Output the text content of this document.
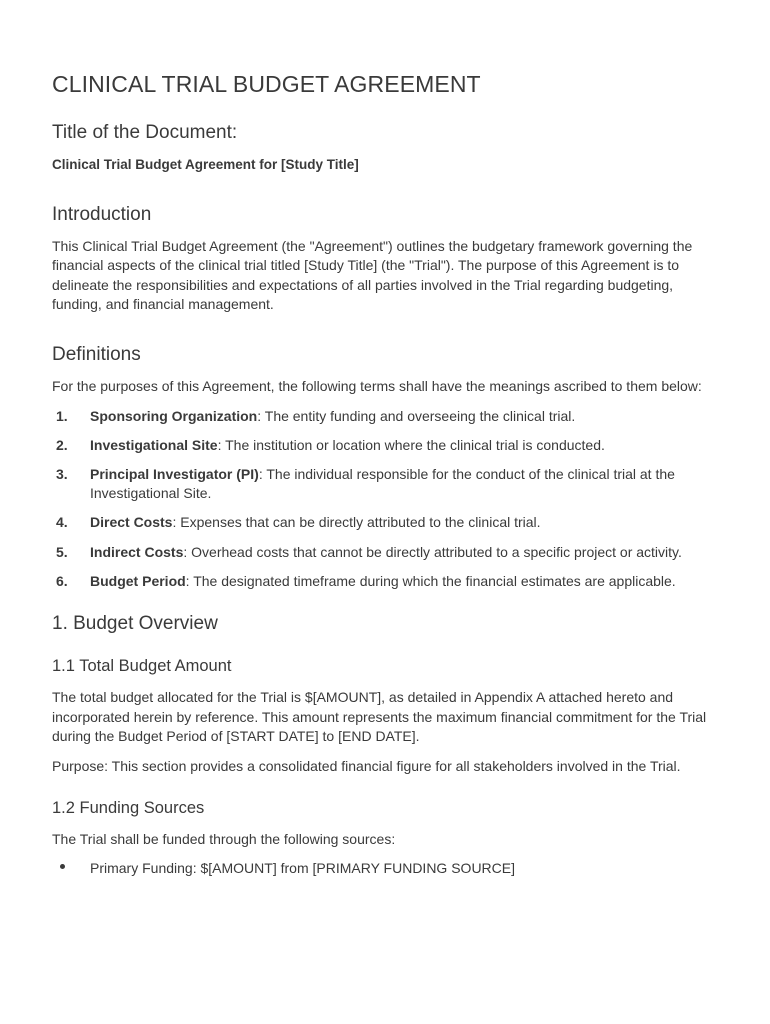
CLINICAL TRIAL BUDGET AGREEMENT
Title of the Document:

Clinical Trial Budget Agreement for [Study Title]

Introduction

This Clinical Trial Budget Agreement (the "Agreement") outlines the budgetary framework governing the financial aspects of the clinical trial titled [Study Title] (the "Trial"). The purpose of this Agreement is to delineate the responsibilities and expectations of all parties involved in the Trial regarding budgeting, funding, and financial management.

Definitions

For the purposes of this Agreement, the following terms shall have the meanings ascribed to them below:

1. Sponsoring Organization: The entity funding and overseeing the clinical trial.
2. Investigational Site: The institution or location where the clinical trial is conducted.
3. Principal Investigator (PI): The individual responsible for the conduct of the clinical trial at the Investigational Site.
4. Direct Costs: Expenses that can be directly attributed to the clinical trial.
5. Indirect Costs: Overhead costs that cannot be directly attributed to a specific project or activity.
6. Budget Period: The designated timeframe during which the financial estimates are applicable.
1. Budget Overview
1.1 Total Budget Amount

The total budget allocated for the Trial is $[AMOUNT], as detailed in Appendix A attached hereto and incorporated herein by reference. This amount represents the maximum financial commitment for the Trial during the Budget Period of [START DATE] to [END DATE].

Purpose: This section provides a consolidated financial figure for all stakeholders involved in the Trial.

1.2 Funding Sources

The Trial shall be funded through the following sources:

Primary Funding: $[AMOUNT] from [PRIMARY FUNDING SOURCE]
